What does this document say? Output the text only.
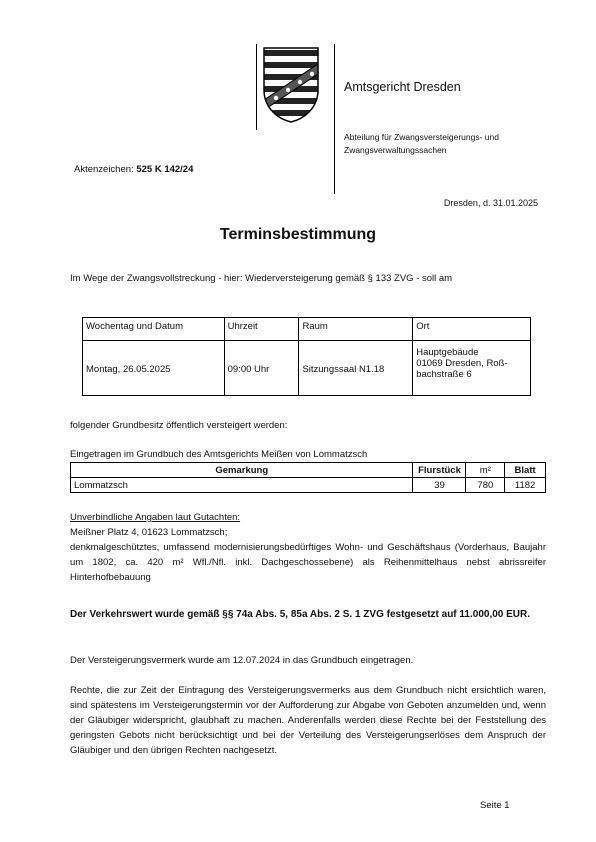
Amtsgericht Dresden
Abteilung für Zwangsversteigerungs- und Zwangsverwaltungssachen
Aktenzeichen: 525 K 142/24
Dresden, d. 31.01.2025
Terminsbestimmung
Im Wege der Zwangsvollstreckung - hier: Wiederversteigerung gemäß § 133 ZVG - soll am
Wochentag und Datum	Uhrzeit	Raum	Ort
Montag, 26.05.2025	09:00 Uhr	Sitzungssaal N1.18	Hauptgebäude
01069 Dresden, Roß-
bachstraße 6
folgender Grundbesitz öffentlich versteigert werden:
Eingetragen im Grundbuch des Amtsgerichts Meißen von Lommatzsch
Gemarkung	Flurstück	m²	Blatt
Lommatzsch	39	780	1182
Unverbindliche Angaben laut Gutachten:
Meißner Platz 4, 01623 Lommatzsch;
denkmalgeschütztes, umfassend modernisierungsbedürftiges Wohn- und Geschäftshaus (Vorderhaus, Baujahr um 1802, ca. 420 m² Wfl./Nfl. inkl. Dachgeschossebene) als Reihenmittelhaus nebst abrissreifer Hinterhofbebauung
Der Verkehrswert wurde gemäß §§ 74a Abs. 5, 85a Abs. 2 S. 1 ZVG festgesetzt auf 11.000,00 EUR.
Der Versteigerungsvermerk wurde am 12.07.2024 in das Grundbuch eingetragen.
Rechte, die zur Zeit der Eintragung des Versteigerungsvermerks aus dem Grundbuch nicht ersichtlich waren, sind spätestens im Versteigerungstermin vor der Aufforderung zur Abgabe von Geboten anzumelden und, wenn der Gläubiger widerspricht, glaubhaft zu machen. Anderenfalls werden diese Rechte bei der Feststellung des geringsten Gebots nicht berücksichtigt und bei der Verteilung des Versteigerungserlöses dem Anspruch der Gläubiger und den übrigen Rechten nachgesetzt.
Seite 1
